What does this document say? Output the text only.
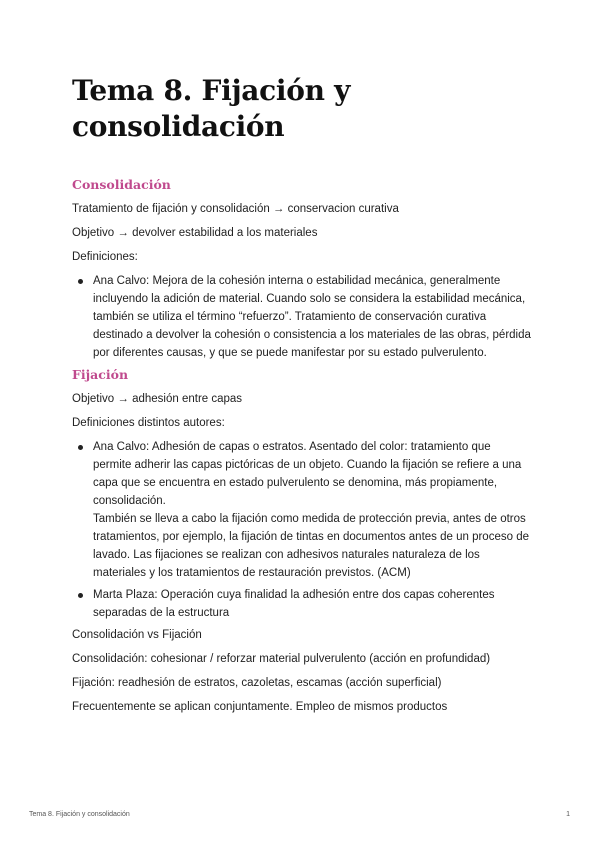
Tema 8. Fijación y consolidación
Consolidación

Tratamiento de fijación y consolidación → conservacion curativa

Objetivo → devolver estabilidad a los materiales

Definiciones:

Ana Calvo: Mejora de la cohesión interna o estabilidad mecánica, generalmente incluyendo la adición de material. Cuando solo se considera la estabilidad mecánica, también se utiliza el término “refuerzo”. Tratamiento de conservación curativa destinado a devolver la cohesión o consistencia a los materiales de las obras, pérdida por diferentes causas, y que se puede manifestar por su estado pulverulento.
Fijación

Objetivo → adhesión entre capas

Definiciones distintos autores:

Ana Calvo: Adhesión de capas o estratos. Asentado del color: tratamiento que permite adherir las capas pictóricas de un objeto. Cuando la fijación se refiere a una capa que se encuentra en estado pulverulento se denomina, más propiamente, consolidación.
También se lleva a cabo la fijación como medida de protección previa, antes de otros tratamientos, por ejemplo, la fijación de tintas en documentos antes de un proceso de lavado. Las fijaciones se realizan con adhesivos naturales naturaleza de los materiales y los tratamientos de restauración previstos. (ACM)
Marta Plaza: Operación cuya finalidad la adhesión entre dos capas coherentes separadas de la estructura

Consolidación vs Fijación

Consolidación: cohesionar / reforzar material pulverulento (acción en profundidad)

Fijación: readhesión de estratos, cazoletas, escamas (acción superficial)

Frecuentemente se aplican conjuntamente. Empleo de mismos productos

Tema 8. Fijación y consolidación	1
